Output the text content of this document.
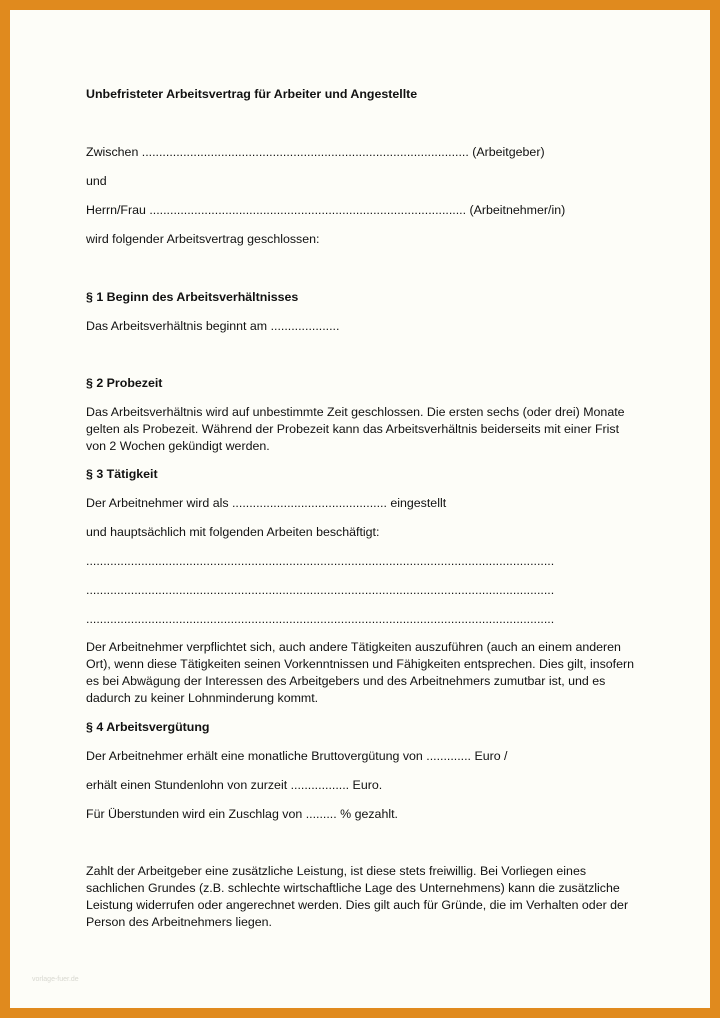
Unbefristeter Arbeitsvertrag für Arbeiter und Angestellte
Zwischen ............................................................................................... (Arbeitgeber)
und
Herrn/Frau ............................................................................................ (Arbeitnehmer/in)
wird folgender Arbeitsvertrag geschlossen:
§ 1 Beginn des Arbeitsverhältnisses
Das Arbeitsverhältnis beginnt am ....................
§ 2 Probezeit
Das Arbeitsverhältnis wird auf unbestimmte Zeit geschlossen. Die ersten sechs (oder drei) Monate gelten als Probezeit. Während der Probezeit kann das Arbeitsverhältnis beiderseits mit einer Frist von 2 Wochen gekündigt werden.
§ 3 Tätigkeit
Der Arbeitnehmer wird als ............................................. eingestellt
und hauptsächlich mit folgenden Arbeiten beschäftigt:
........................................................................................................................................
........................................................................................................................................
........................................................................................................................................
Der Arbeitnehmer verpflichtet sich, auch andere Tätigkeiten auszuführen (auch an einem anderen Ort), wenn diese Tätigkeiten seinen Vorkenntnissen und Fähigkeiten entsprechen. Dies gilt, insofern es bei Abwägung der Interessen des Arbeitgebers und des Arbeitnehmers zumutbar ist, und es dadurch zu keiner Lohnminderung kommt.
§ 4 Arbeitsvergütung
Der Arbeitnehmer erhält eine monatliche Bruttovergütung von ............. Euro /
erhält einen Stundenlohn von zurzeit ................. Euro.
Für Überstunden wird ein Zuschlag von ......... % gezahlt.
Zahlt der Arbeitgeber eine zusätzliche Leistung, ist diese stets freiwillig. Bei Vorliegen eines sachlichen Grundes (z.B. schlechte wirtschaftliche Lage des Unternehmens) kann die zusätzliche Leistung widerrufen oder angerechnet werden. Dies gilt auch für Gründe, die im Verhalten oder der Person des Arbeitnehmers liegen.
vorlage-fuer.de
